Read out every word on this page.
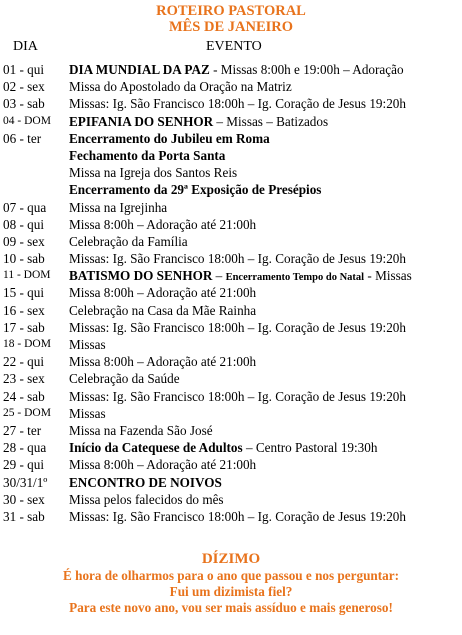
ROTEIRO PASTORAL
MÊS DE JANEIRO
DIA	EVENTO
01 - qui DIA MUNDIAL DA PAZ - Missas 8:00h e 19:00h – Adoração
02 - sex Missa do Apostolado da Oração na Matriz
03 - sab Missas: Ig. São Francisco 18:00h – Ig. Coração de Jesus 19:20h
04 - DOM EPIFANIA DO SENHOR – Missas – Batizados
06 - ter Encerramento do Jubileu em Roma
Fechamento da Porta Santa
Missa na Igreja dos Santos Reis
Encerramento da 29ª Exposição de Presépios
07 - qua Missa na Igrejinha
08 - qui Missa 8:00h – Adoração até 21:00h
09 - sex Celebração da Família
10 - sab Missas: Ig. São Francisco 18:00h – Ig. Coração de Jesus 19:20h
11 - DOM BATISMO DO SENHOR – Encerramento Tempo do Natal - Missas
15 - qui Missa 8:00h – Adoração até 21:00h
16 - sex Celebração na Casa da Mãe Rainha
17 - sab Missas: Ig. São Francisco 18:00h – Ig. Coração de Jesus 19:20h
18 - DOM Missas
22 - qui Missa 8:00h – Adoração até 21:00h
23 - sex Celebração da Saúde
24 - sab Missas: Ig. São Francisco 18:00h – Ig. Coração de Jesus 19:20h
25 - DOM Missas
27 - ter Missa na Fazenda São José
28 - qua Início da Catequese de Adultos – Centro Pastoral 19:30h
29 - qui Missa 8:00h – Adoração até 21:00h
30/31/1º ENCONTRO DE NOIVOS
30 - sex Missa pelos falecidos do mês
31 - sab Missas: Ig. São Francisco 18:00h – Ig. Coração de Jesus 19:20h
DÍZIMO
É hora de olharmos para o ano que passou e nos perguntar:
Fui um dizimista fiel?
Para este novo ano, vou ser mais assíduo e mais generoso!
